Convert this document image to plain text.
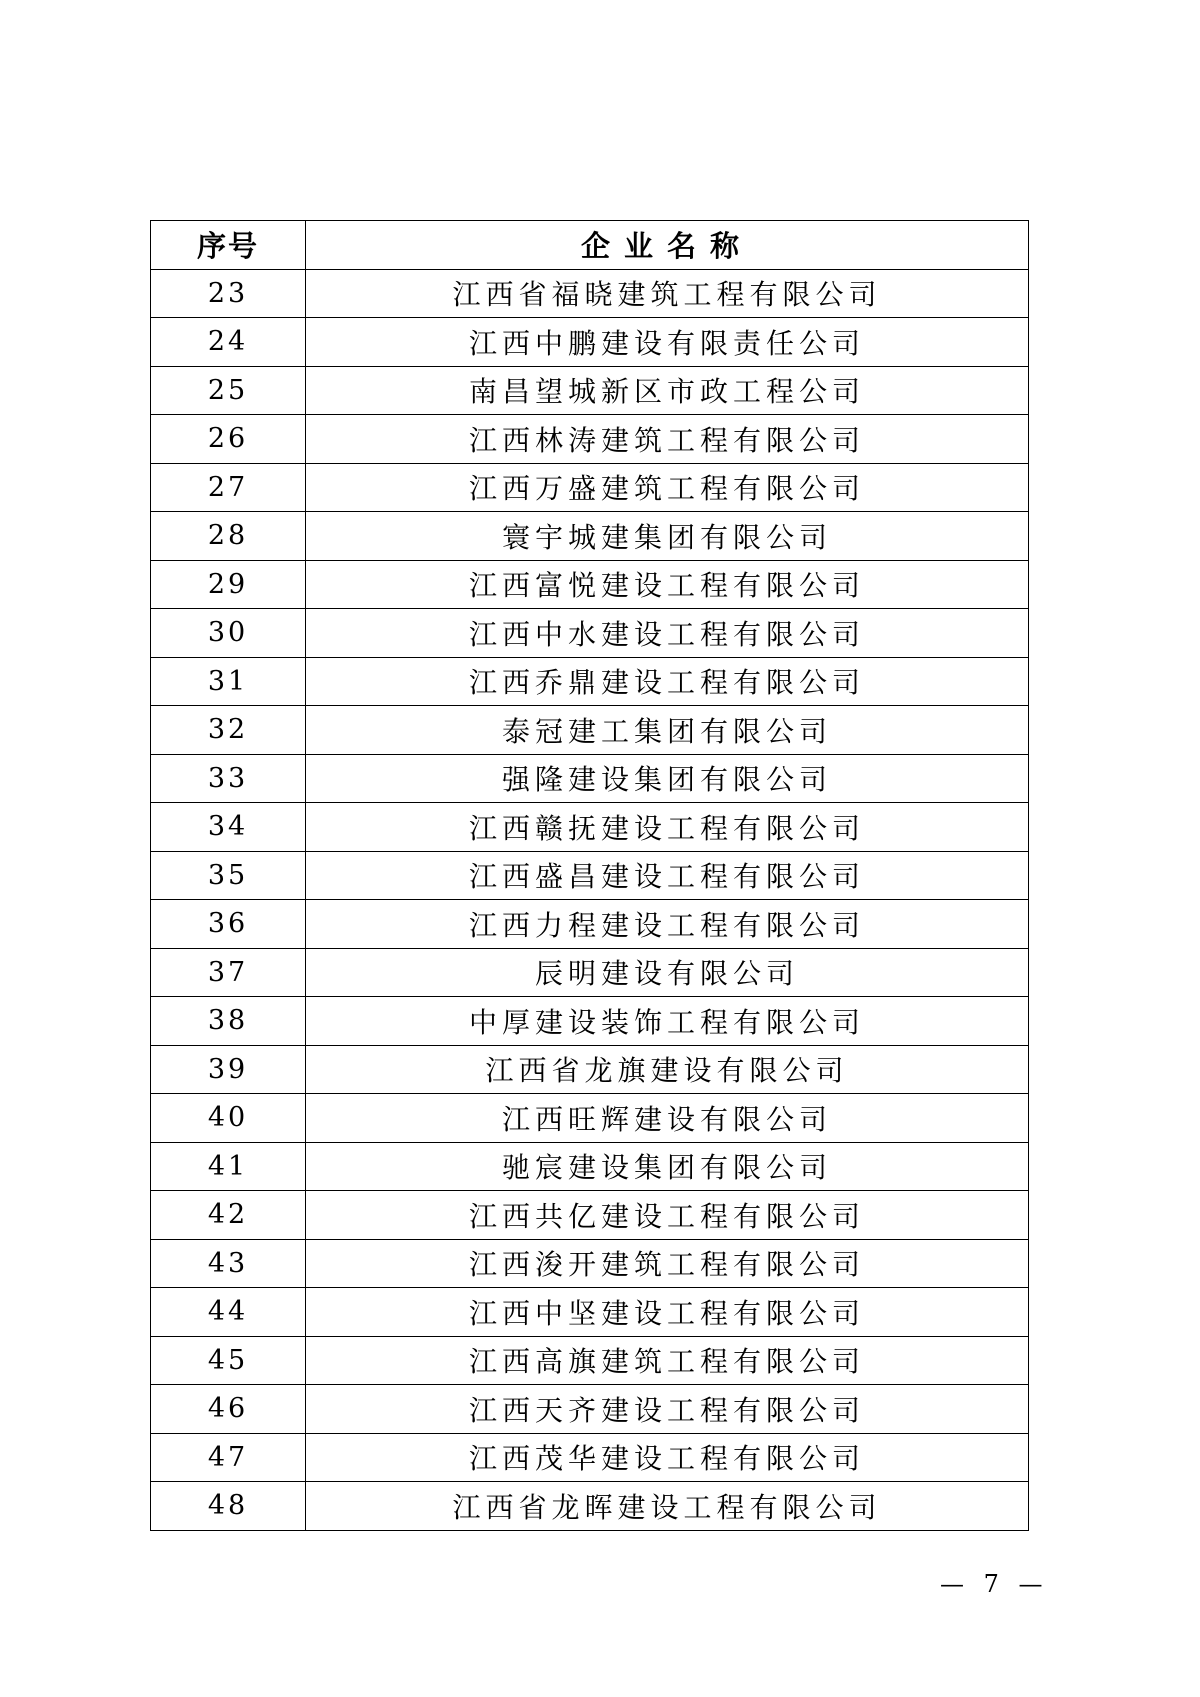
序号	企业名称
23	江西省福晓建筑工程有限公司
24	江西中鹏建设有限责任公司
25	南昌望城新区市政工程公司
26	江西林涛建筑工程有限公司
27	江西万盛建筑工程有限公司
28	寰宇城建集团有限公司
29	江西富悦建设工程有限公司
30	江西中水建设工程有限公司
31	江西乔鼎建设工程有限公司
32	泰冠建工集团有限公司
33	强隆建设集团有限公司
34	江西赣抚建设工程有限公司
35	江西盛昌建设工程有限公司
36	江西力程建设工程有限公司
37	辰明建设有限公司
38	中厚建设装饰工程有限公司
39	江西省龙旗建设有限公司
40	江西旺辉建设有限公司
41	驰宸建设集团有限公司
42	江西共亿建设工程有限公司
43	江西浚开建筑工程有限公司
44	江西中坚建设工程有限公司
45	江西高旗建筑工程有限公司
46	江西天齐建设工程有限公司
47	江西茂华建设工程有限公司
48	江西省龙晖建设工程有限公司
— 7 —
